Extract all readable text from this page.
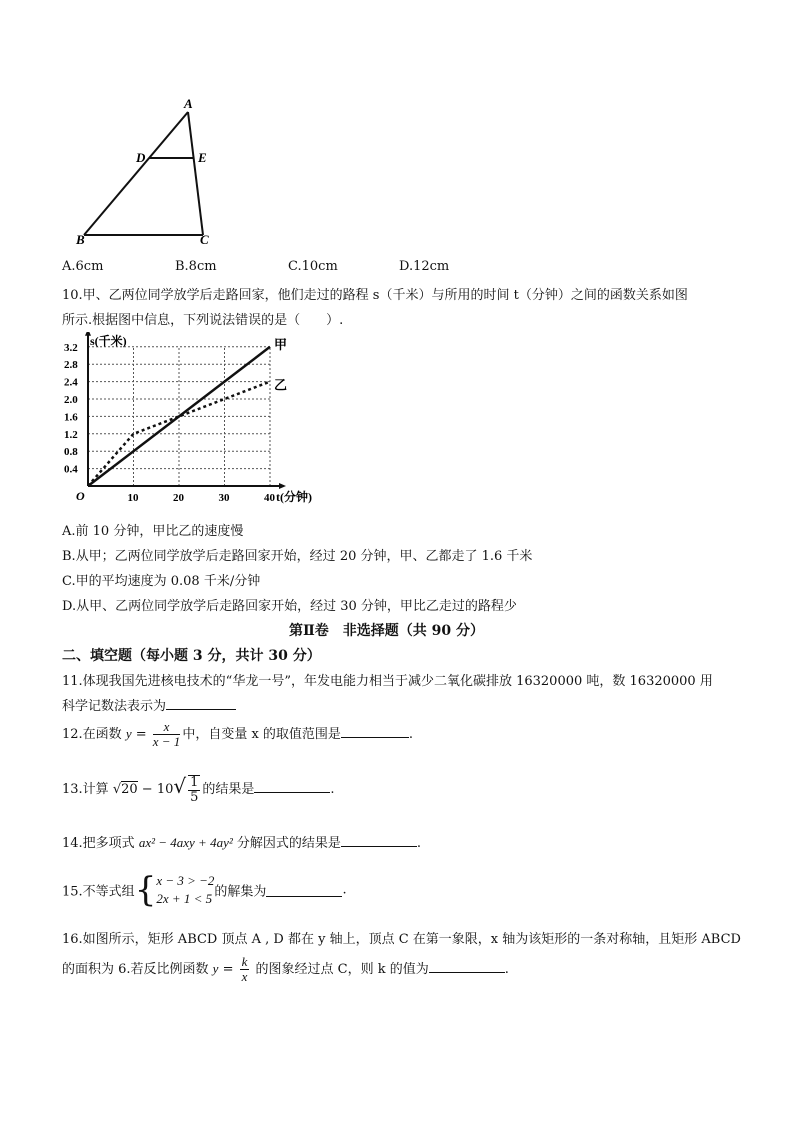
A
D	E
B	C
A.6cm	B.8cm	C.10cm	D.12cm
10.甲、乙两位同学放学后走路回家，他们走过的路程 s（千米）与所用的时间 t（分钟）之间的函数关系如图
所示.根据图中信息，下列说法错误的是（　　）.
0.4
0.8
1.2
1.6
2.0
2.4
2.8
3.2
10	20	30	40
O
s(千米)
t(分钟)
甲
乙
A.前 10 分钟，甲比乙的速度慢
B.从甲；乙两位同学放学后走路回家开始，经过 20 分钟，甲、乙都走了 1.6 千米
C.甲的平均速度为 0.08 千米/分钟
D.从甲、乙两位同学放学后走路回家开始，经过 30 分钟，甲比乙走过的路程少
第Ⅱ卷　非选择题（共 90 分）
二、填空题（每小题 3 分，共计 30 分）
11.体现我国先进核电技术的“华龙一号”，年发电能力相当于减少二氧化碳排放 16320000 吨，数 16320000 用
科学记数法表示为
12.在函数 $y = \frac{x}{x - 1}$ 中，自变量 x 的取值范围是	.
13.计算 $√20 - 10√ \frac{1}{5}$ 的结果是	.
14.把多项式 ax² − 4axy + 4ay² 分解因式的结果是	.
15.不等式组{ x − 3 > −2
2x + 1 < 5 的解集为	.
16.如图所示，矩形 ABCD 顶点 A , D 都在 y 轴上，顶点 C 在第一象限，x 轴为该矩形的一条对称轴，且矩形 ABCD
的面积为 6.若反比例函数 $y = \frac{k}{x}$ 的图象经过点 C，则 k 的值为	.
